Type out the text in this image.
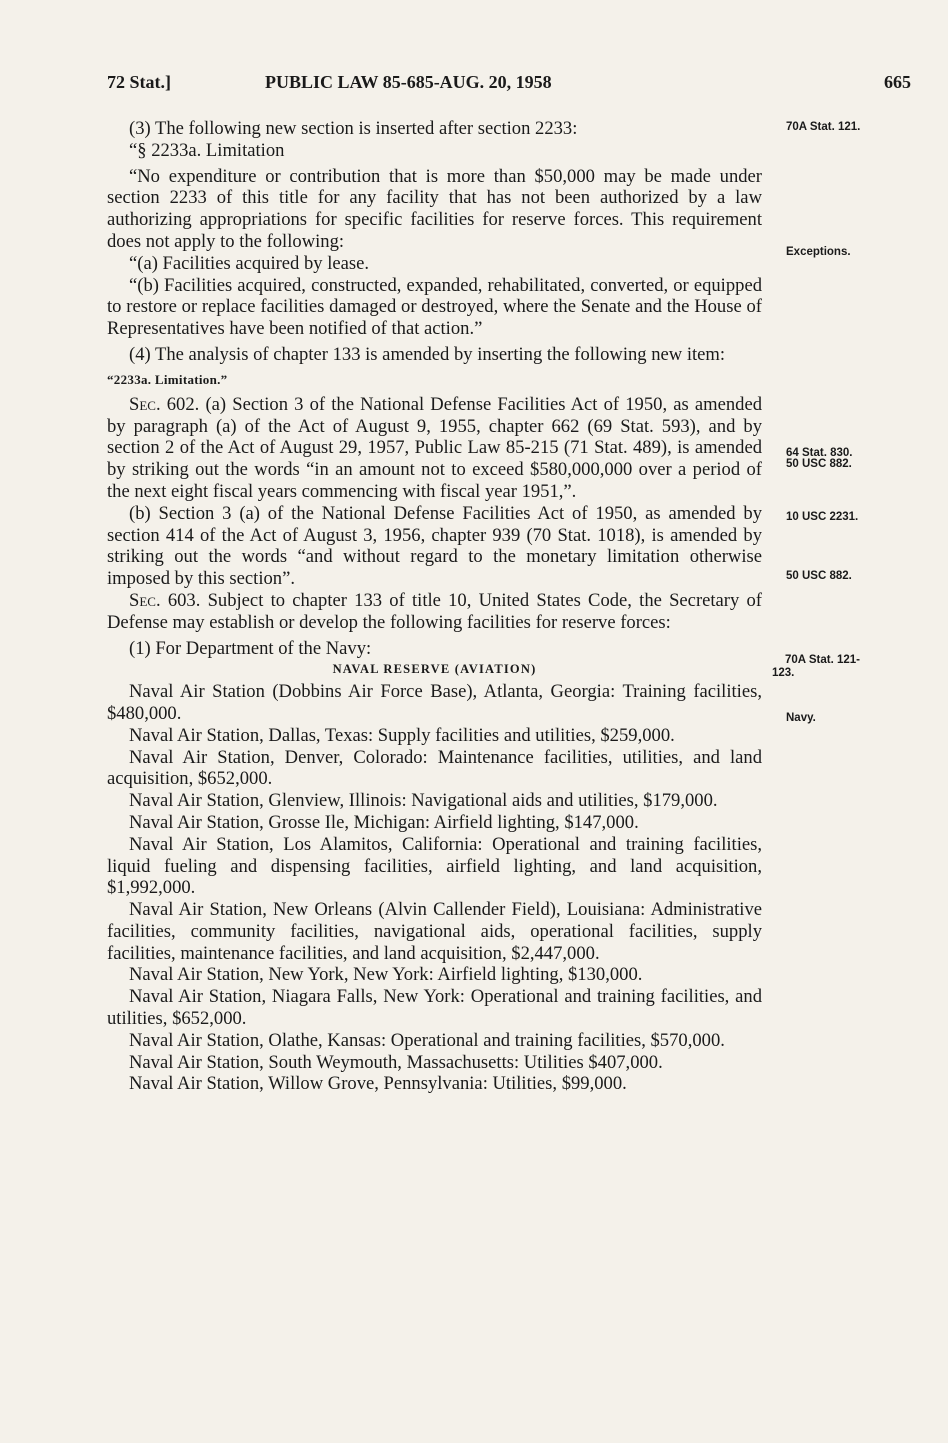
72 Stat.]	PUBLIC LAW 85-685-AUG. 20, 1958	665

(3) The following new section is inserted after section 2233:

“§ 2233a. Limitation

“No expenditure or contribution that is more than $50,000 may be made under section 2233 of this title for any facility that has not been authorized by a law authorizing appropriations for specific facilities for reserve forces. This requirement does not apply to the following:

“(a) Facilities acquired by lease.

“(b) Facilities acquired, constructed, expanded, rehabilitated, converted, or equipped to restore or replace facilities damaged or destroyed, where the Senate and the House of Representatives have been notified of that action.”

(4) The analysis of chapter 133 is amended by inserting the following new item:

“2233a. Limitation.”

Sec. 602. (a) Section 3 of the National Defense Facilities Act of 1950, as amended by paragraph (a) of the Act of August 9, 1955, chapter 662 (69 Stat. 593), and by section 2 of the Act of August 29, 1957, Public Law 85-215 (71 Stat. 489), is amended by striking out the words “in an amount not to exceed $580,000,000 over a period of the next eight fiscal years commencing with fiscal year 1951,”.

(b) Section 3 (a) of the National Defense Facilities Act of 1950, as amended by section 414 of the Act of August 3, 1956, chapter 939 (70 Stat. 1018), is amended by striking out the words “and without regard to the monetary limitation otherwise imposed by this section”.

Sec. 603. Subject to chapter 133 of title 10, United States Code, the Secretary of Defense may establish or develop the following facilities for reserve forces:

(1) For Department of the Navy:

NAVAL RESERVE (AVIATION)

Naval Air Station (Dobbins Air Force Base), Atlanta, Georgia: Training facilities, $480,000.

Naval Air Station, Dallas, Texas: Supply facilities and utilities, $259,000.

Naval Air Station, Denver, Colorado: Maintenance facilities, utilities, and land acquisition, $652,000.

Naval Air Station, Glenview, Illinois: Navigational aids and utilities, $179,000.

Naval Air Station, Grosse Ile, Michigan: Airfield lighting, $147,000.

Naval Air Station, Los Alamitos, California: Operational and training facilities, liquid fueling and dispensing facilities, airfield lighting, and land acquisition, $1,992,000.

Naval Air Station, New Orleans (Alvin Callender Field), Louisiana: Administrative facilities, community facilities, navigational aids, operational facilities, supply facilities, maintenance facilities, and land acquisition, $2,447,000.

Naval Air Station, New York, New York: Airfield lighting, $130,000.

Naval Air Station, Niagara Falls, New York: Operational and training facilities, and utilities, $652,000.

Naval Air Station, Olathe, Kansas: Operational and training facilities, $570,000.

Naval Air Station, South Weymouth, Massachusetts: Utilities $407,000.

Naval Air Station, Willow Grove, Pennsylvania: Utilities, $99,000.

70A Stat. 121.
Exceptions.
64 Stat. 830.
50 USC 882.
10 USC 2231.
50 USC 882.
70A Stat. 121-
123.
Navy.
